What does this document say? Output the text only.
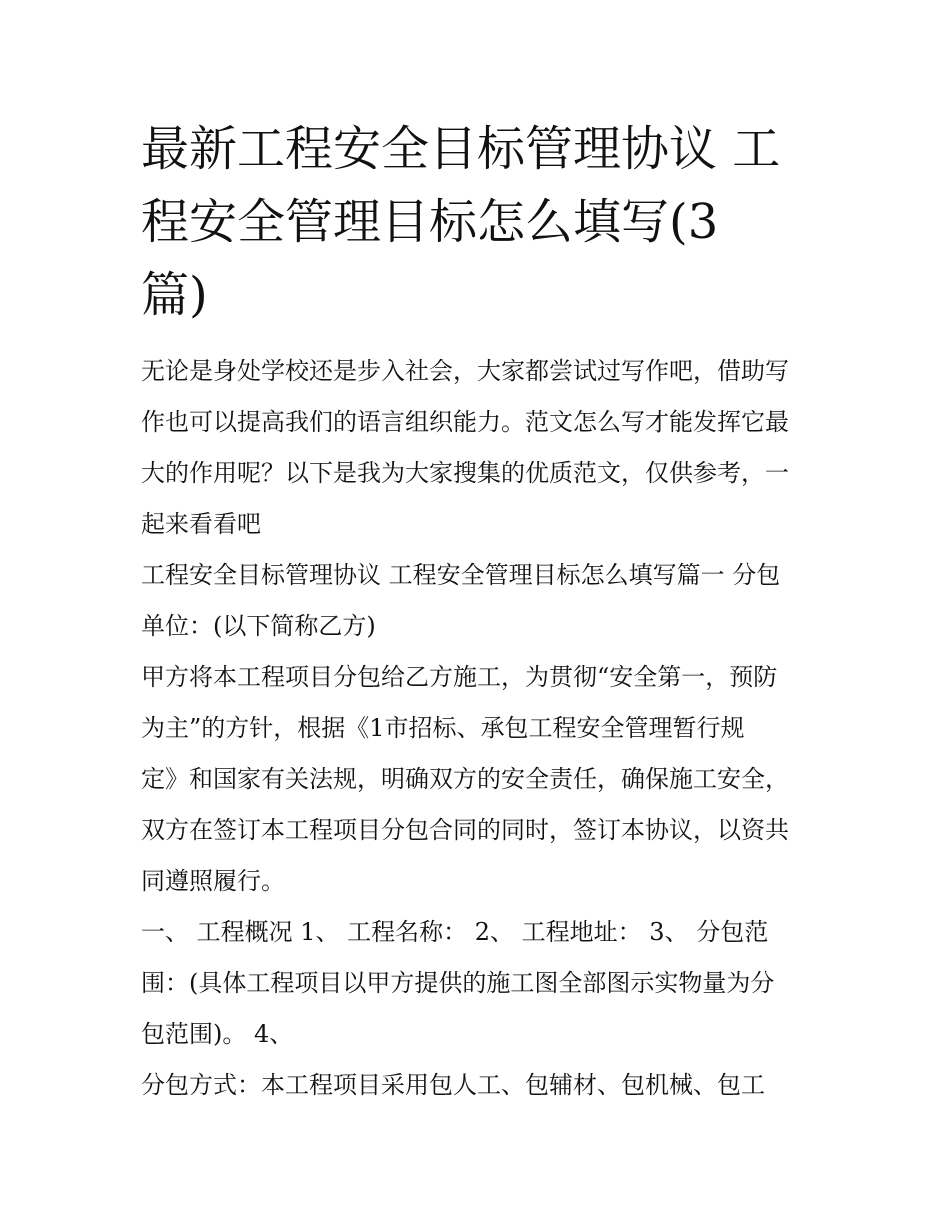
最新工程安全目标管理协议 工
程安全管理目标怎么填写(3
篇)
无论是身处学校还是步入社会，大家都尝试过写作吧，借助写
作也可以提高我们的语言组织能力。范文怎么写才能发挥它最
大的作用呢？以下是我为大家搜集的优质范文，仅供参考，一
起来看看吧
工程安全目标管理协议 工程安全管理目标怎么填写篇一 分包
单位：(以下简称乙方)
甲方将本工程项目分包给乙方施工，为贯彻“安全第一，预防
为主”的方针，根据《1市招标、承包工程安全管理暂行规
定》和国家有关法规，明确双方的安全责任，确保施工安全，
双方在签订本工程项目分包合同的同时，签订本协议，以资共
同遵照履行。
一、 工程概况 1、 工程名称： 2、 工程地址： 3、 分包范
围：(具体工程项目以甲方提供的施工图全部图示实物量为分
包范围)。 4、
分包方式：本工程项目采用包人工、包辅材、包机械、包工
